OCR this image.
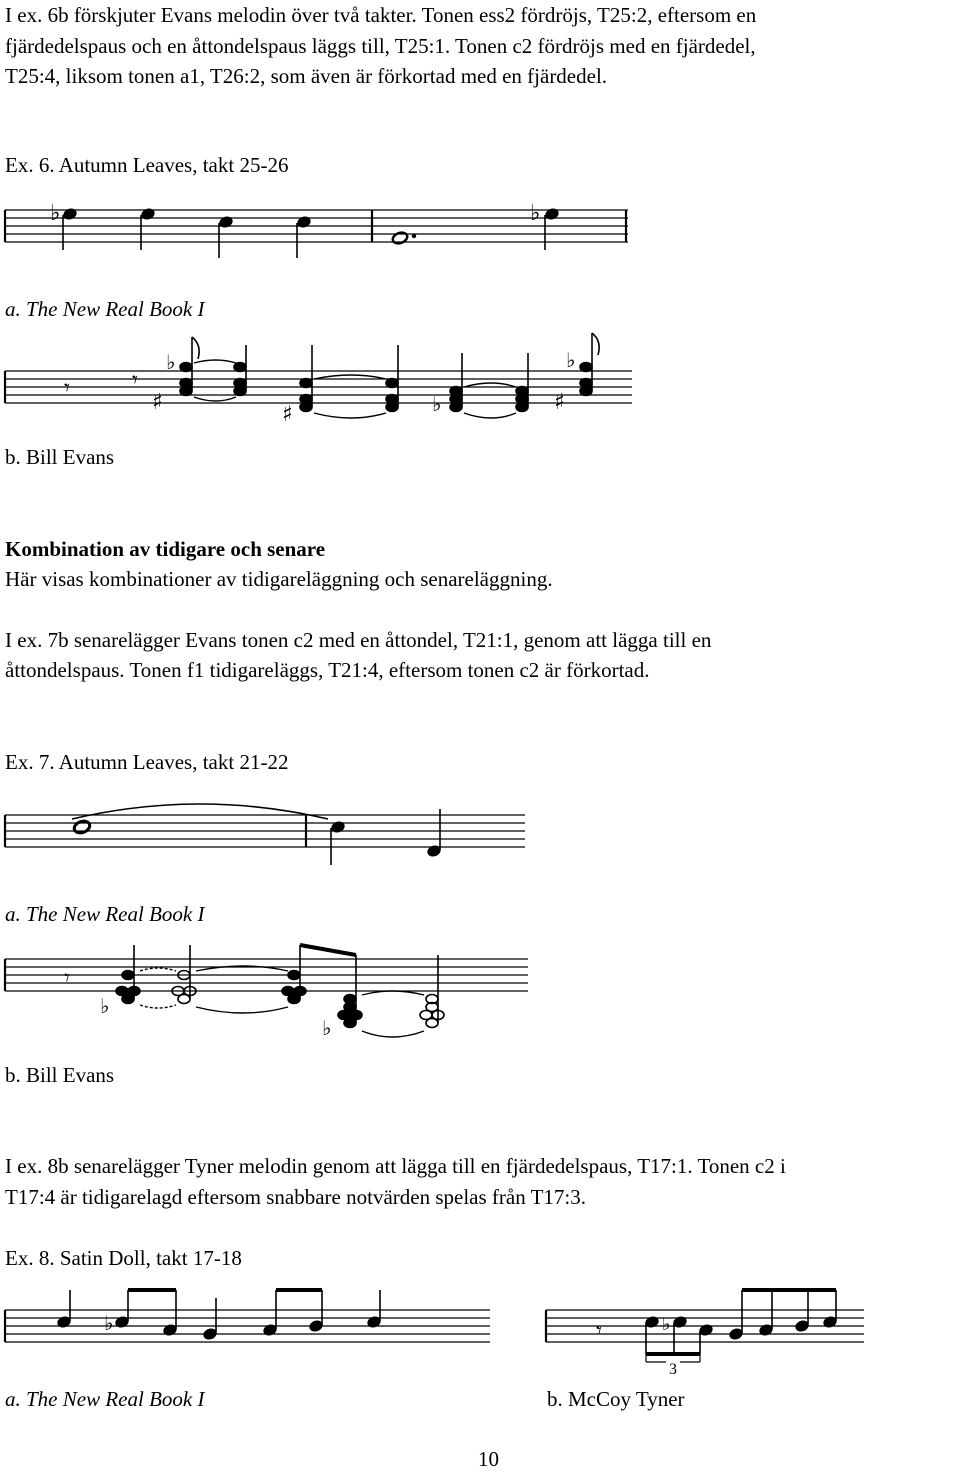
I ex. 6b förskjuter Evans melodin över två takter. Tonen ess2 fördröjs, T25:2, eftersom en

fjärdedelspaus och en åttondelspaus läggs till, T25:1. Tonen c2 fördröjs med en fjärdedel,

T25:4, liksom tonen a1, T26:2, som även är förkortad med en fjärdedel.

Ex. 6. Autumn Leaves, takt 25-26

♭	♭

a. The New Real Book I

𝄾	𝄾
♯
♭
♯	♭	♯
♭

b. Bill Evans

Kombination av tidigare och senare

Här visas kombinationer av tidigareläggning och senareläggning.

I ex. 7b senarelägger Evans tonen c2 med en åttondel, T21:1, genom att lägga till en

åttondelspaus. Tonen f1 tidigareläggs, T21:4, eftersom tonen c2 är förkortad.

Ex. 7. Autumn Leaves, takt 21-22

a. The New Real Book I

𝄾
♭
♭

b. Bill Evans

I ex. 8b senarelägger Tyner melodin genom att lägga till en fjärdedelspaus, T17:1. Tonen c2 i

T17:4 är tidigarelagd eftersom snabbare notvärden spelas från T17:3.

Ex. 8. Satin Doll, takt 17-18

♭	𝄾	♭
3

a. The New Real Book I	b. McCoy Tyner

10
